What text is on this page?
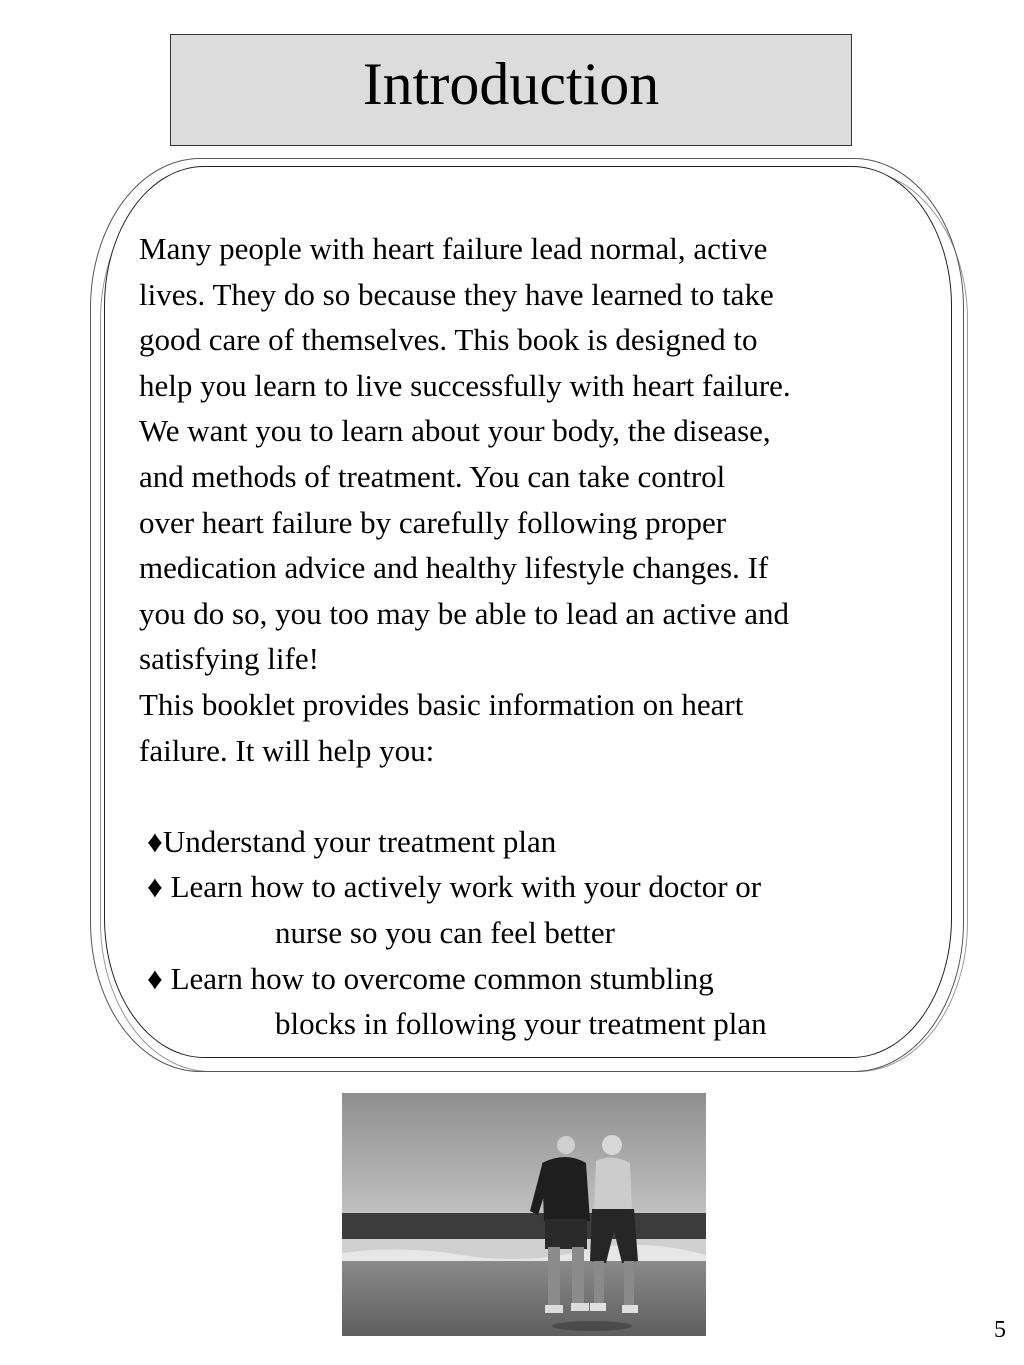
Introduction

Many people with heart failure lead normal, active
lives. They do so because they have learned to take
good care of themselves. This book is designed to
help you learn to live successfully with heart failure.
We want you to learn about your body, the disease,
and methods of treatment. You can take control
over heart failure by carefully following proper
medication advice and healthy lifestyle changes. If
you do so, you too may be able to lead an active and
satisfying life!

This booklet provides basic information on heart
failure. It will help you:

♦Understand your treatment plan
♦ Learn how to actively work with your doctor or
nurse so you can feel better
♦ Learn how to overcome common stumbling
blocks in following your treatment plan
5
